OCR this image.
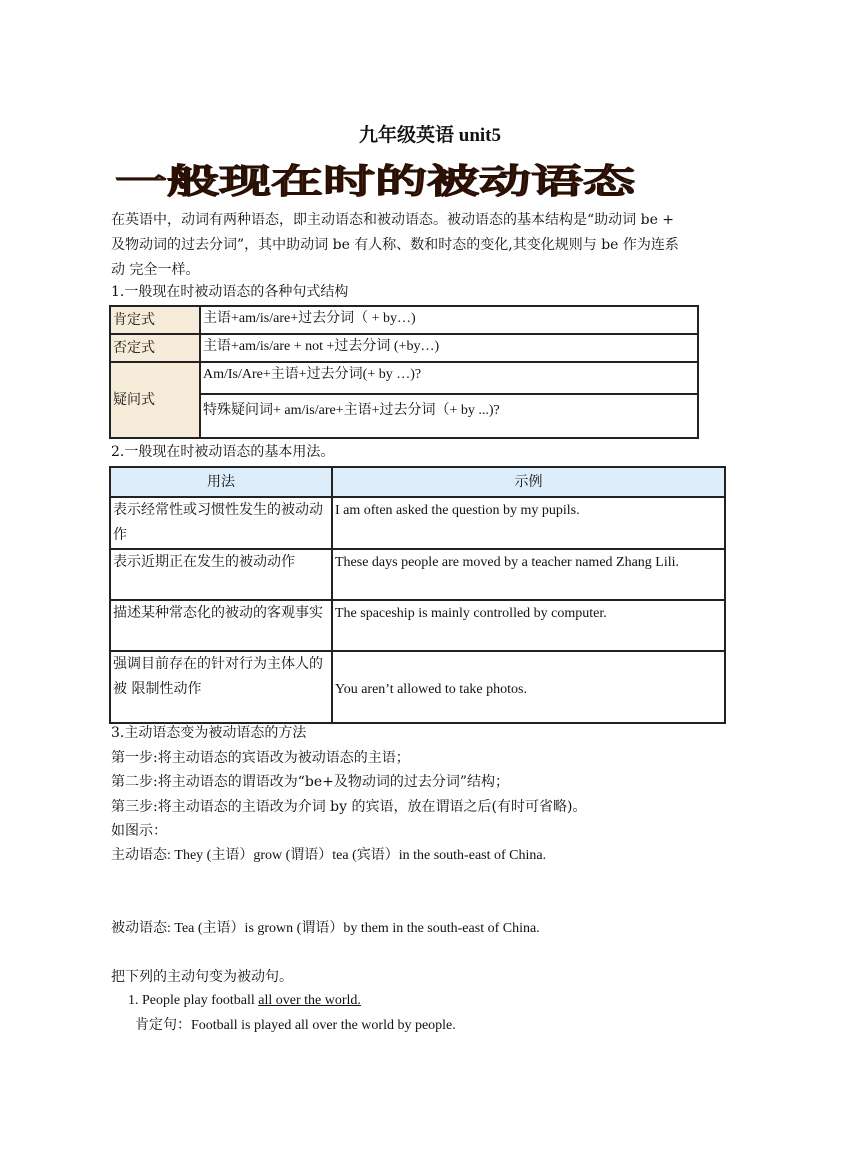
九年级英语 unit5
一般现在时的被动语态
在英语中，动词有两种语态，即主动语态和被动语态。被动语态的基本结构是“助动词 be +
及物动词的过去分词”，其中助动词 be 有人称、数和时态的变化,其变化规则与 be 作为连系
动 完全一样。
1.一般现在时被动语态的各种句式结构
肯定式	主语+am/is/are+过去分词（ + by…)
否定式	主语+am/is/are + not +过去分词 (+by…)
疑问式	Am/Is/Are+主语+过去分词(+ by …)?
	特殊疑问词+ am/is/are+主语+过去分词（+ by ...)?
2.一般现在时被动语态的基本用法。
用法	示例
表示经常性或习惯性发生的被动动作	I am often asked the question by my pupils.
表示近期正在发生的被动动作	These days people are moved by a teacher named Zhang Lili.
描述某种常态化的被动的客观事实	The spaceship is mainly controlled by computer.
强调目前存在的针对行为主体人的被 限制性动作	You aren’t allowed to take photos.
3.主动语态变为被动语态的方法
第一步:将主动语态的宾语改为被动语态的主语；
第二步:将主动语态的谓语改为“be+及物动词的过去分词”结构；
第三步:将主动语态的主语改为介词 by 的宾语，放在谓语之后(有时可省略)。
如图示：
主动语态: They (主语）grow (谓语）tea (宾语）in the south-east of China.
被动语态: Tea (主语）is grown (谓语）by them in the south-east of China.
把下列的主动句变为被动句。
1. People play football all over the world.
肯定句：Football is played all over the world by people.
